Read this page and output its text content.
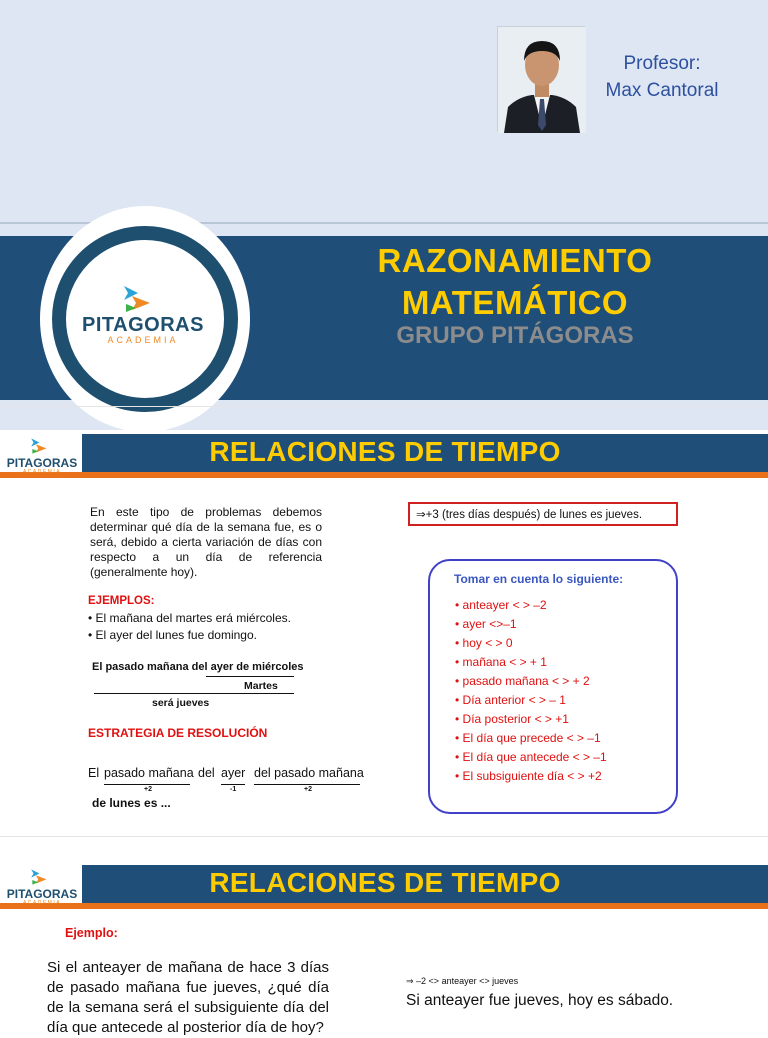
Profesor:
Max Cantoral
RAZONAMIENTO
MATEMÁTICO
GRUPO PITÁGORAS
PITAGORAS
ACADEMIA
PITAGORAS
ACADEMIA
RELACIONES DE TIEMPO
En este tipo de problemas debemos determinar qué día de la semana fue, es o será, debido a cierta variación de días con respecto a un día de referencia (generalmente hoy).
EJEMPLOS:
• El mañana del martes erá miércoles.
• El ayer del lunes fue domingo.
El pasado mañana del ayer de miércoles
Martes
será jueves
ESTRATEGIA DE RESOLUCIÓN
El pasado mañana del ayer del pasado mañana
+2	-1	+2
de lunes es ...
⇒+3 (tres días después) de lunes es jueves.
Tomar en cuenta lo siguiente:
• anteayer < > –2
• ayer <>–1
• hoy < > 0
• mañana < > + 1
• pasado mañana < > + 2
• Día anterior < > – 1
• Día posterior < > +1
• El día que precede < > –1
• El día que antecede < > –1
• El subsiguiente día < > +2
PITAGORAS
ACADEMIA
RELACIONES DE TIEMPO
Ejemplo:
Si el anteayer de mañana de hace 3 días de pasado mañana fue jueves, ¿qué día de la semana será el subsiguiente día del día que antecede al posterior día de hoy?
⇒ –2 <> anteayer <> jueves
Si anteayer fue jueves, hoy es sábado.
